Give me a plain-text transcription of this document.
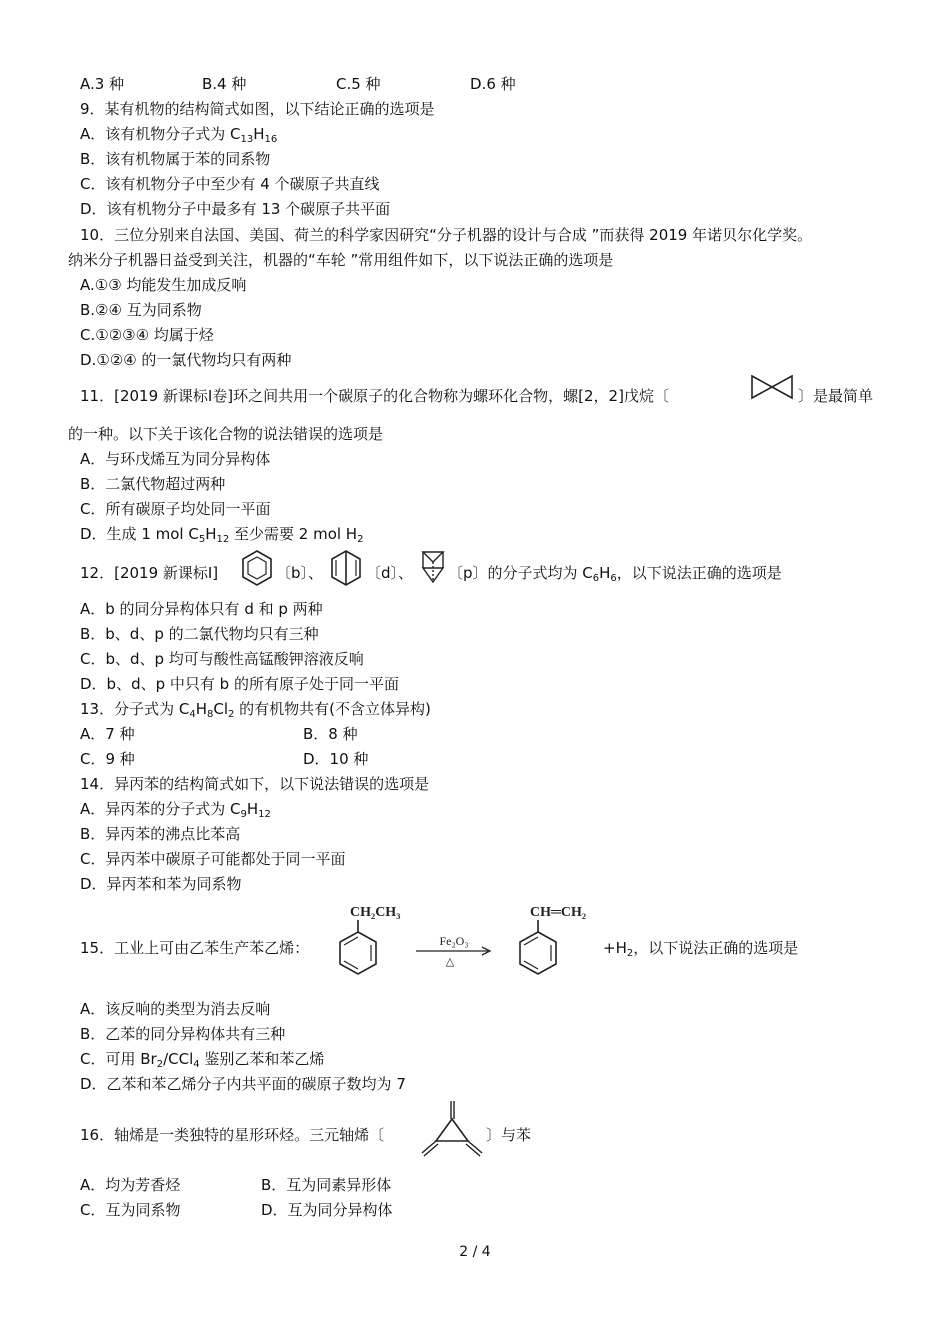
A.3 种	B.4 种	C.5 种	D.6 种
9．某有机物的结构简式如图，以下结论正确的选项是
A．该有机物分子式为 $C_{13}H_{16}$
B．该有机物属于苯的同系物
C．该有机物分子中至少有 4 个碳原子共直线
D．该有机物分子中最多有 13 个碳原子共平面
10．三位分别来自法国、美国、荷兰的科学家因研究“分子机器的设计与合成 ”而获得 2019 年诺贝尔化学奖。
纳米分子机器日益受到关注，机器的“车轮 ”常用组件如下，以下说法正确的选项是
A.①③ 均能发生加成反响
B.②④ 互为同系物
C.①②③④ 均属于烃
D.①②④ 的一氯代物均只有两种
11．[2019 新课标Ⅰ卷]环之间共用一个碳原子的化合物称为螺环化合物，螺[2，2]戊烷〔	〕是最简单
的一种。以下关于该化合物的说法错误的选项是
A．与环戊烯互为同分异构体
B．二氯代物超过两种
C．所有碳原子均处同一平面
D．生成 1 mol $C_5H_{12}$ 至少需要 2 mol $H_2$
12．[2019 新课标Ⅰ]	〔b〕、	〔d〕、 〔p〕的分子式均为 $C_6H_6$，以下说法正确的选项是
A．b 的同分异构体只有 d 和 p 两种
B．b、d、p 的二氯代物均只有三种
C．b、d、p 均可与酸性高锰酸钾溶液反响
D．b、d、p 中只有 b 的所有原子处于同一平面
13．分子式为 $C_4H_8Cl_2$ 的有机物共有(不含立体异构)
A．7 种	B．8 种
C．9 种	D．10 种
14．异丙苯的结构简式如下，以下说法错误的选项是
A．异丙苯的分子式为 $C_9H_{12}$
B．异丙苯的沸点比苯高
C．异丙苯中碳原子可能都处于同一平面
D．异丙苯和苯为同系物
15．工业上可由乙苯生产苯乙烯：
CH₂CH₃
Fe₂O₃
△
CH═CH₂
$+H_2$，以下说法正确的选项是
A．该反响的类型为消去反响
B．乙苯的同分异构体共有三种
C．可用 $Br_2/CCl_4$ 鉴别乙苯和苯乙烯
D．乙苯和苯乙烯分子内共平面的碳原子数均为 7
16．轴烯是一类独特的星形环烃。三元轴烯〔	〕与苯
A．均为芳香烃	B．互为同素异形体
C．互为同系物	D．互为同分异构体
2 / 4
